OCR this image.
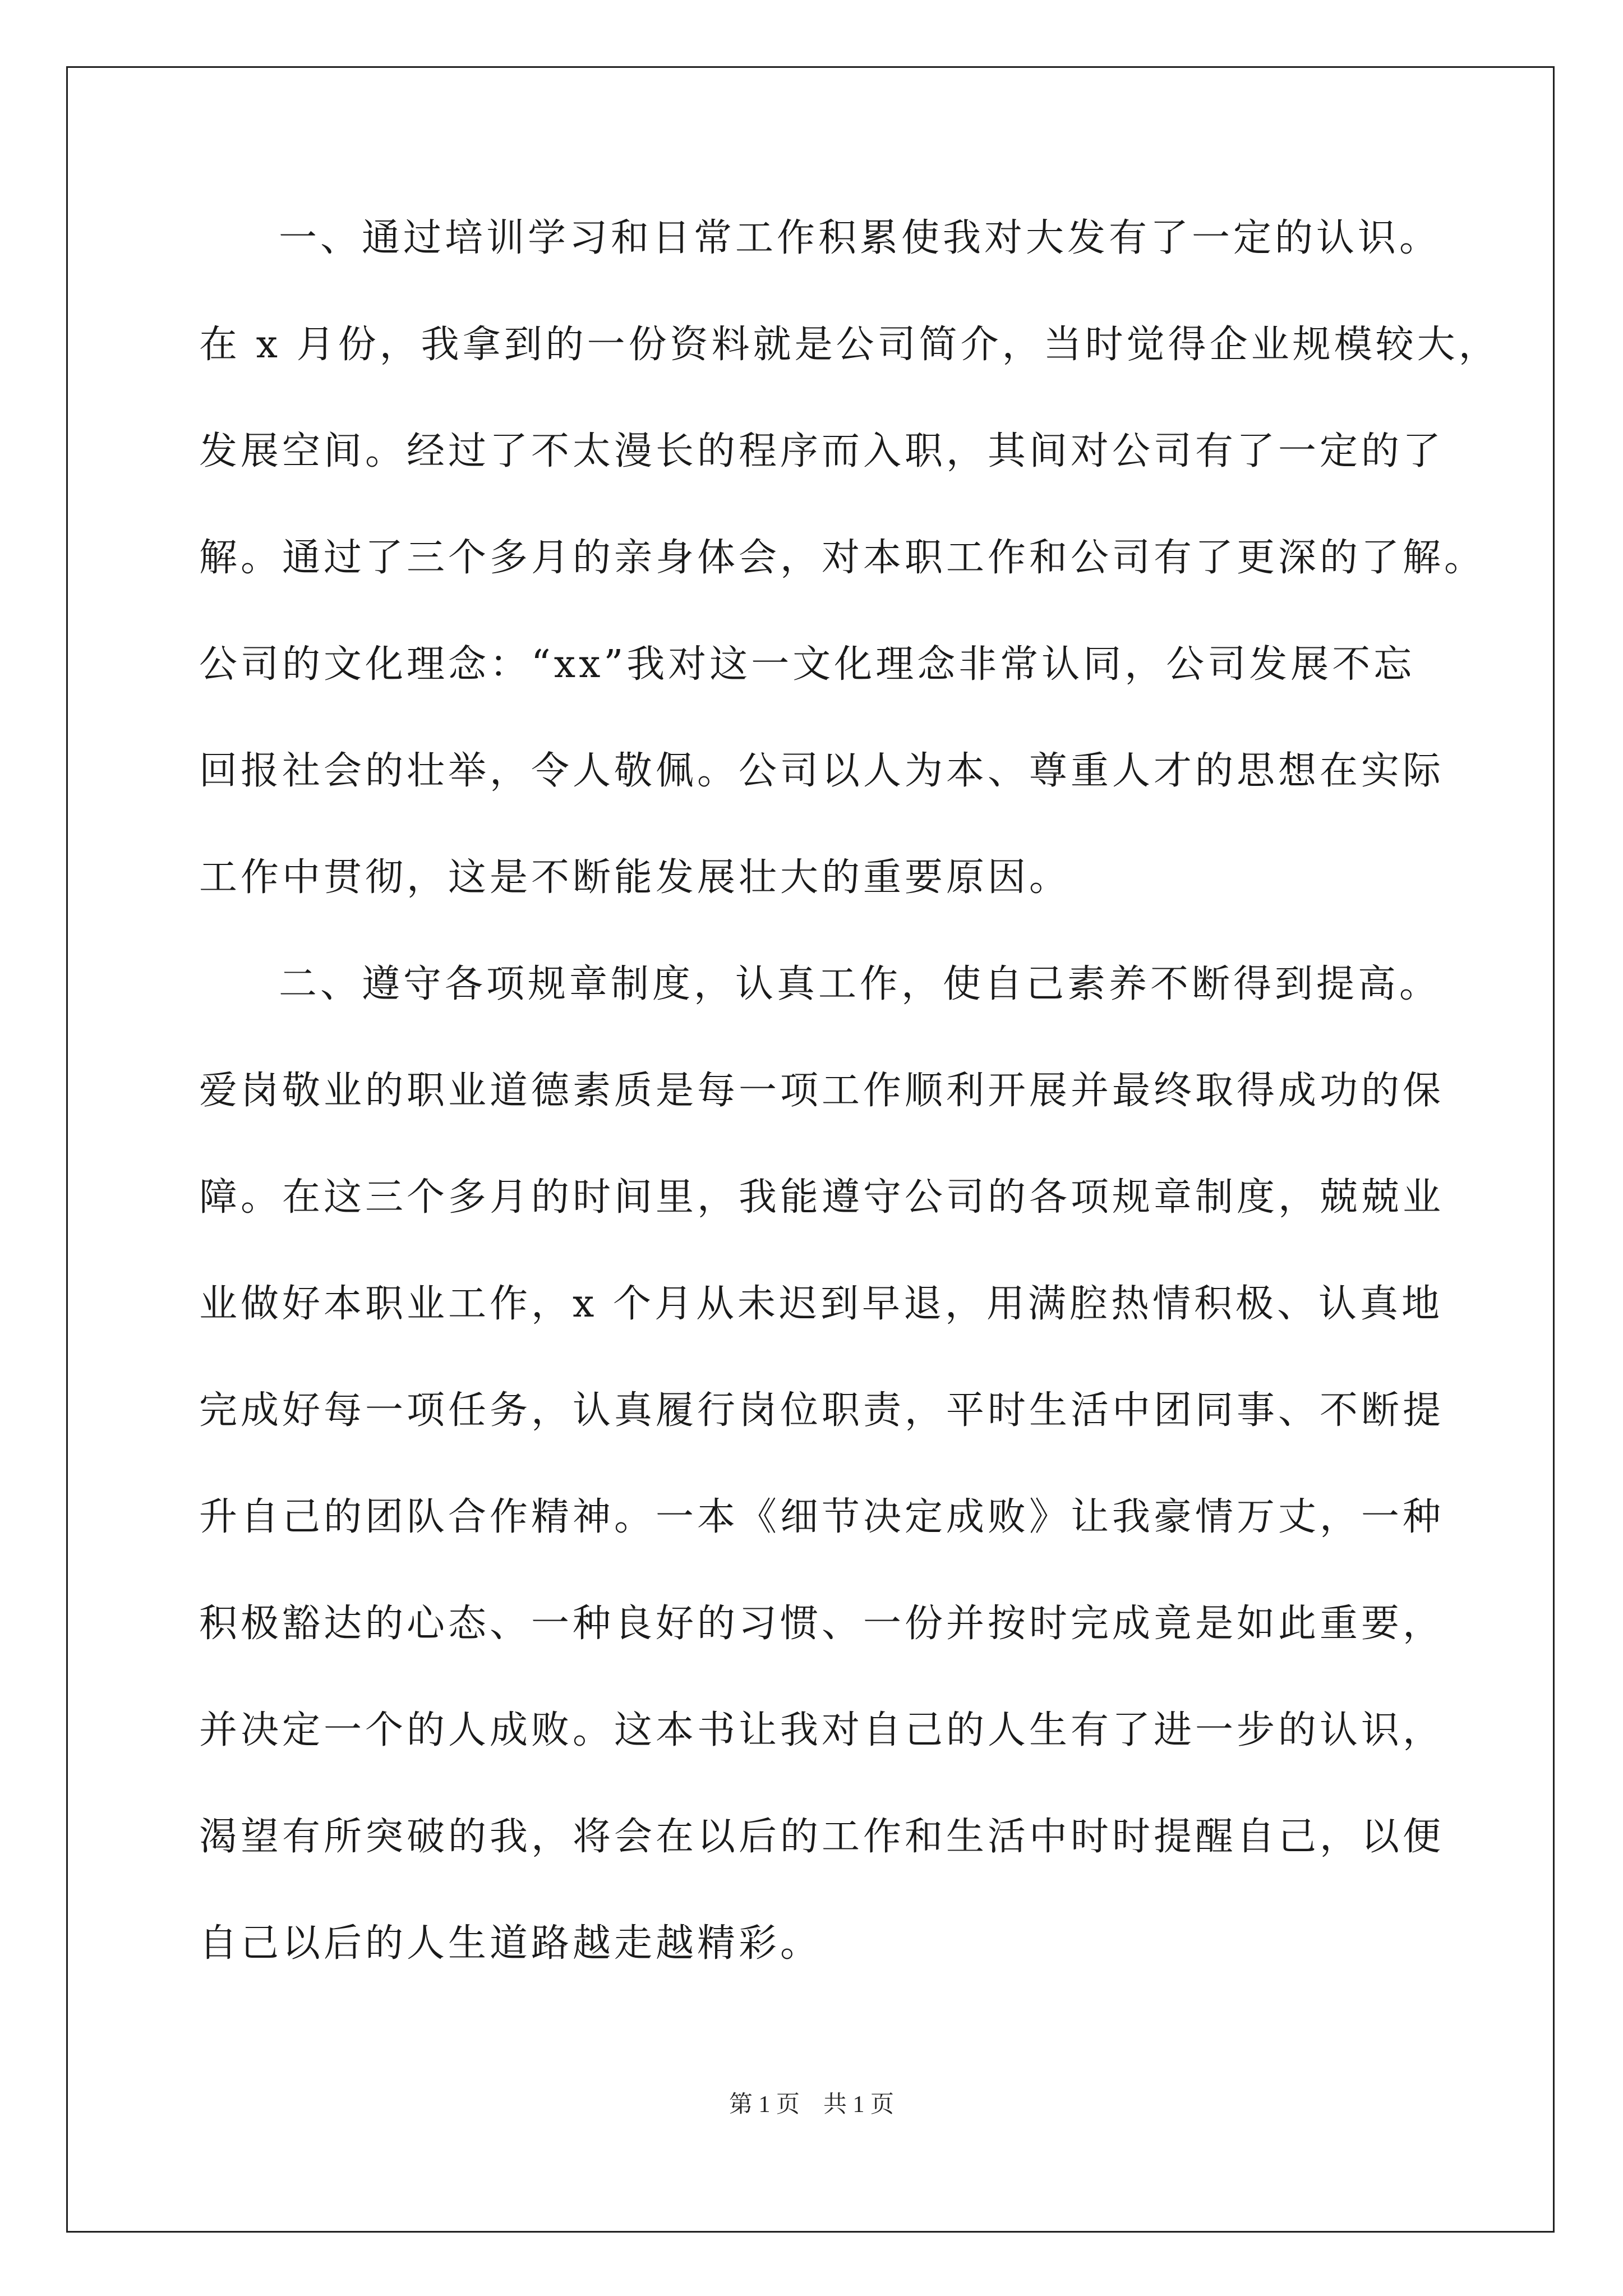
一、通过培训学习和日常工作积累使我对大发有了一定的认识。
在 x 月份，我拿到的一份资料就是公司简介，当时觉得企业规模较大，
发展空间。经过了不太漫长的程序而入职，其间对公司有了一定的了
解。通过了三个多月的亲身体会，对本职工作和公司有了更深的了解。
公司的文化理念：“xx”我对这一文化理念非常认同，公司发展不忘
回报社会的壮举，令人敬佩。公司以人为本、尊重人才的思想在实际
工作中贯彻，这是不断能发展壮大的重要原因。
二、遵守各项规章制度，认真工作，使自己素养不断得到提高。
爱岗敬业的职业道德素质是每一项工作顺利开展并最终取得成功的保
障。在这三个多月的时间里，我能遵守公司的各项规章制度，兢兢业
业做好本职业工作，x 个月从未迟到早退，用满腔热情积极、认真地
完成好每一项任务，认真履行岗位职责，平时生活中团同事、不断提
升自己的团队合作精神。一本《细节决定成败》让我豪情万丈，一种
积极豁达的心态、一种良好的习惯、一份并按时完成竟是如此重要，
并决定一个的人成败。这本书让我对自己的人生有了进一步的认识，
渴望有所突破的我，将会在以后的工作和生活中时时提醒自己，以便
自己以后的人生道路越走越精彩。
第 1 页　共 1 页
